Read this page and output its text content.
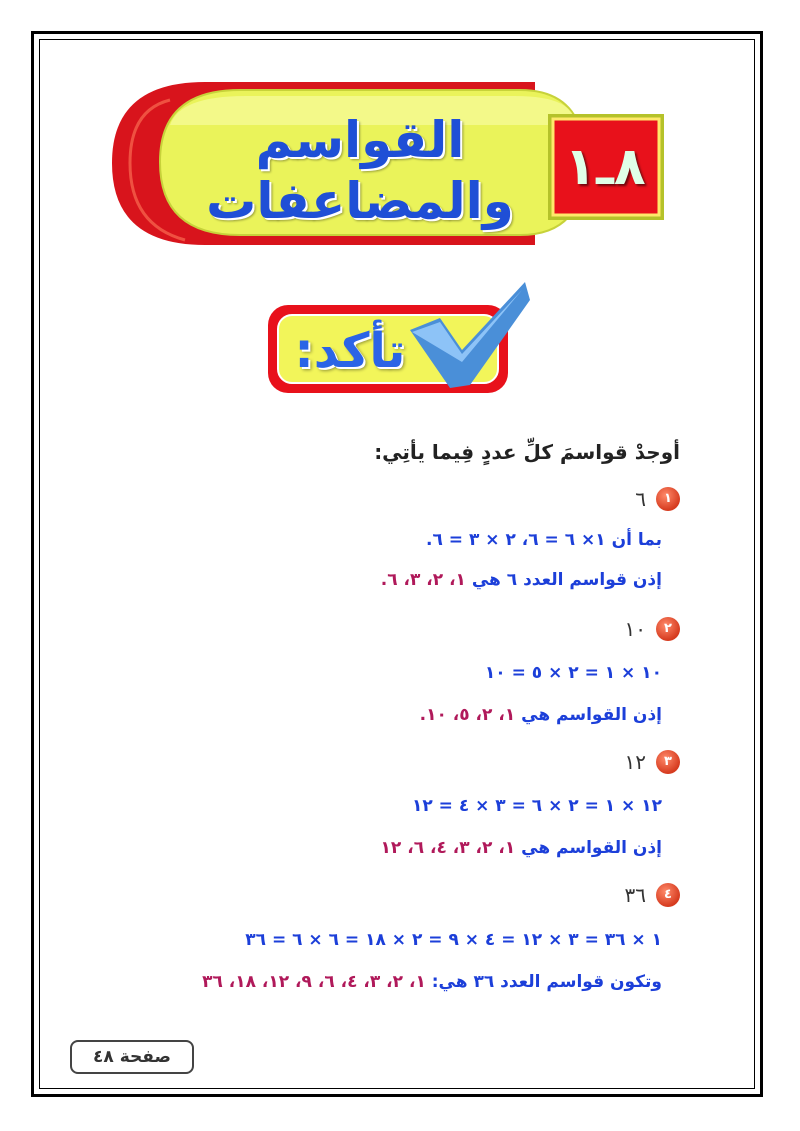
القواسم
والمضاعفات
٨ـ١
تأكد:
أوجدْ قواسمَ كلِّ عددٍ فِيما يأتِي:
١
٦
بما أن ١× ٦ = ٦، ٢ × ٣ = ٦.
إذن قواسم العدد ٦ هي ١، ٢، ٣، ٦.
٢
١٠
١٠ × ١ = ٢ × ٥ = ١٠
إذن القواسم هي ١، ٢، ٥، ١٠.
٣
١٢
١٢ × ١ = ٢ × ٦ = ٣ × ٤ = ١٢
إذن القواسم هي ١، ٢، ٣، ٤، ٦، ١٢
٤
٣٦
١ × ٣٦ = ٣ × ١٢ = ٤ × ٩ = ٢ × ١٨ = ٦ × ٦ = ٣٦
وتكون قواسم العدد ٣٦ هي: ١، ٢، ٣، ٤، ٦، ٩، ١٢، ١٨، ٣٦
صفحة ٤٨
